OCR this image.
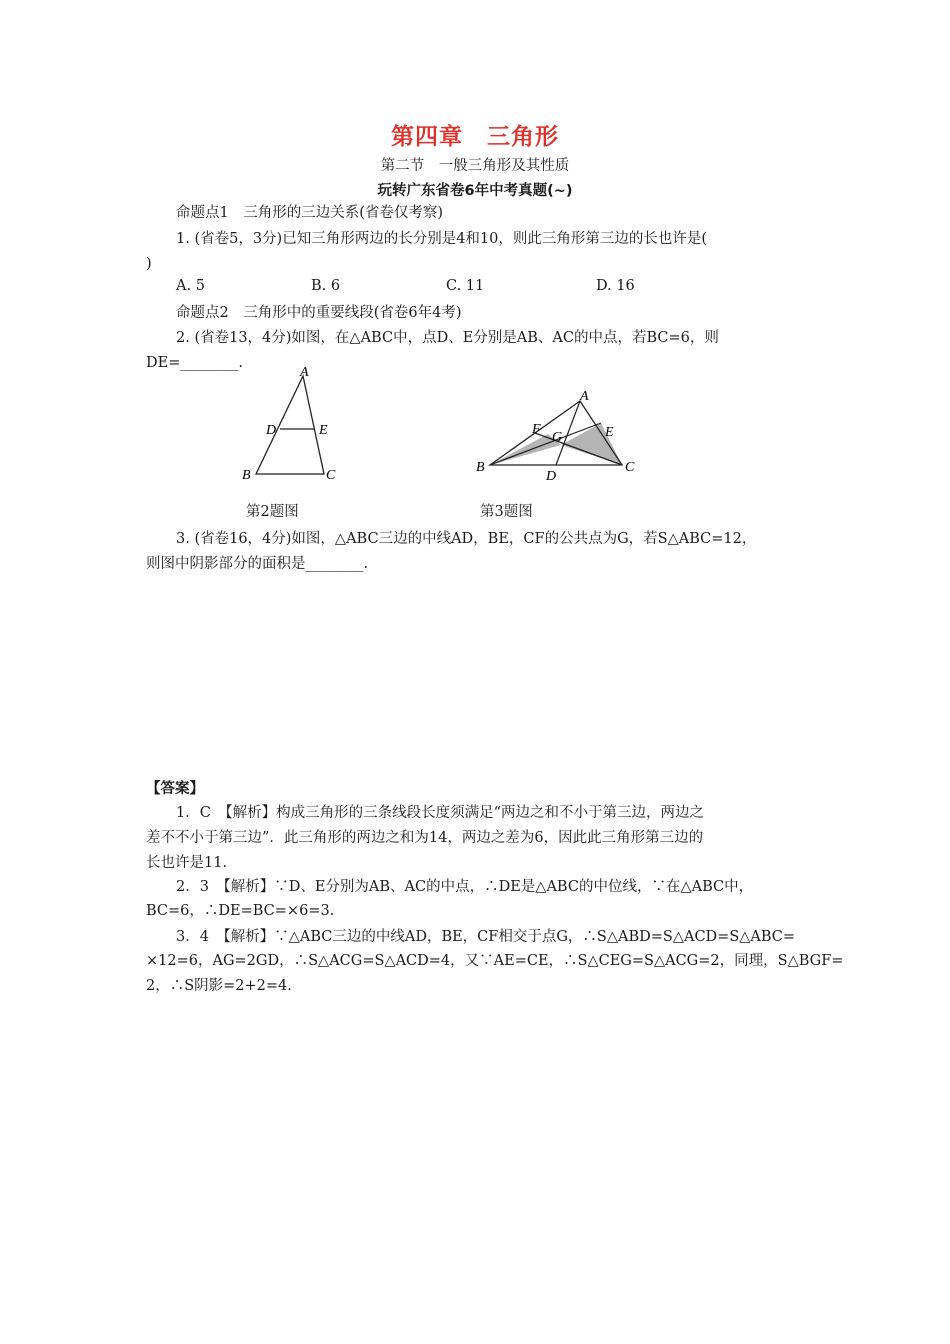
第四章　三角形
第二节　一般三角形及其性质
玩转广东省卷6年中考真题(~)
命题点1　三角形的三边关系(省卷仅考察)
1. (省卷5，3分)已知三角形两边的长分别是4和10，则此三角形第三边的长也许是(
)
A. 5	B. 6	C. 11	D. 16
命题点2　三角形中的重要线段(省卷6年4考)
2. (省卷13，4分)如图，在△ABC中，点D、E分别是AB、AC的中点，若BC=6，则
DE=________.
A
D	E
B	C
A
F
G	E
B
D
C
第2题图	第3题图
3. (省卷16，4分)如图，△ABC三边的中线AD，BE，CF的公共点为G，若S△ABC=12，
则图中阴影部分的面积是________.
【答案】
1．C　【解析】构成三角形的三条线段长度须满足“两边之和不小于第三边，两边之
差不不小于第三边”．此三角形的两边之和为14，两边之差为6，因此此三角形第三边的
长也许是11.
2．3　【解析】∵D、E分别为AB、AC的中点，∴DE是△ABC的中位线，∵在△ABC中，
BC=6，∴DE=BC=×6=3.
3．4　【解析】∵△ABC三边的中线AD，BE，CF相交于点G，∴S△ABD=S△ACD=S△ABC=
×12=6，AG=2GD，∴S△ACG=S△ACD=4，又∵AE=CE，∴S△CEG=S△ACG=2，同理，S△BGF=
2，∴S阴影=2+2=4.
